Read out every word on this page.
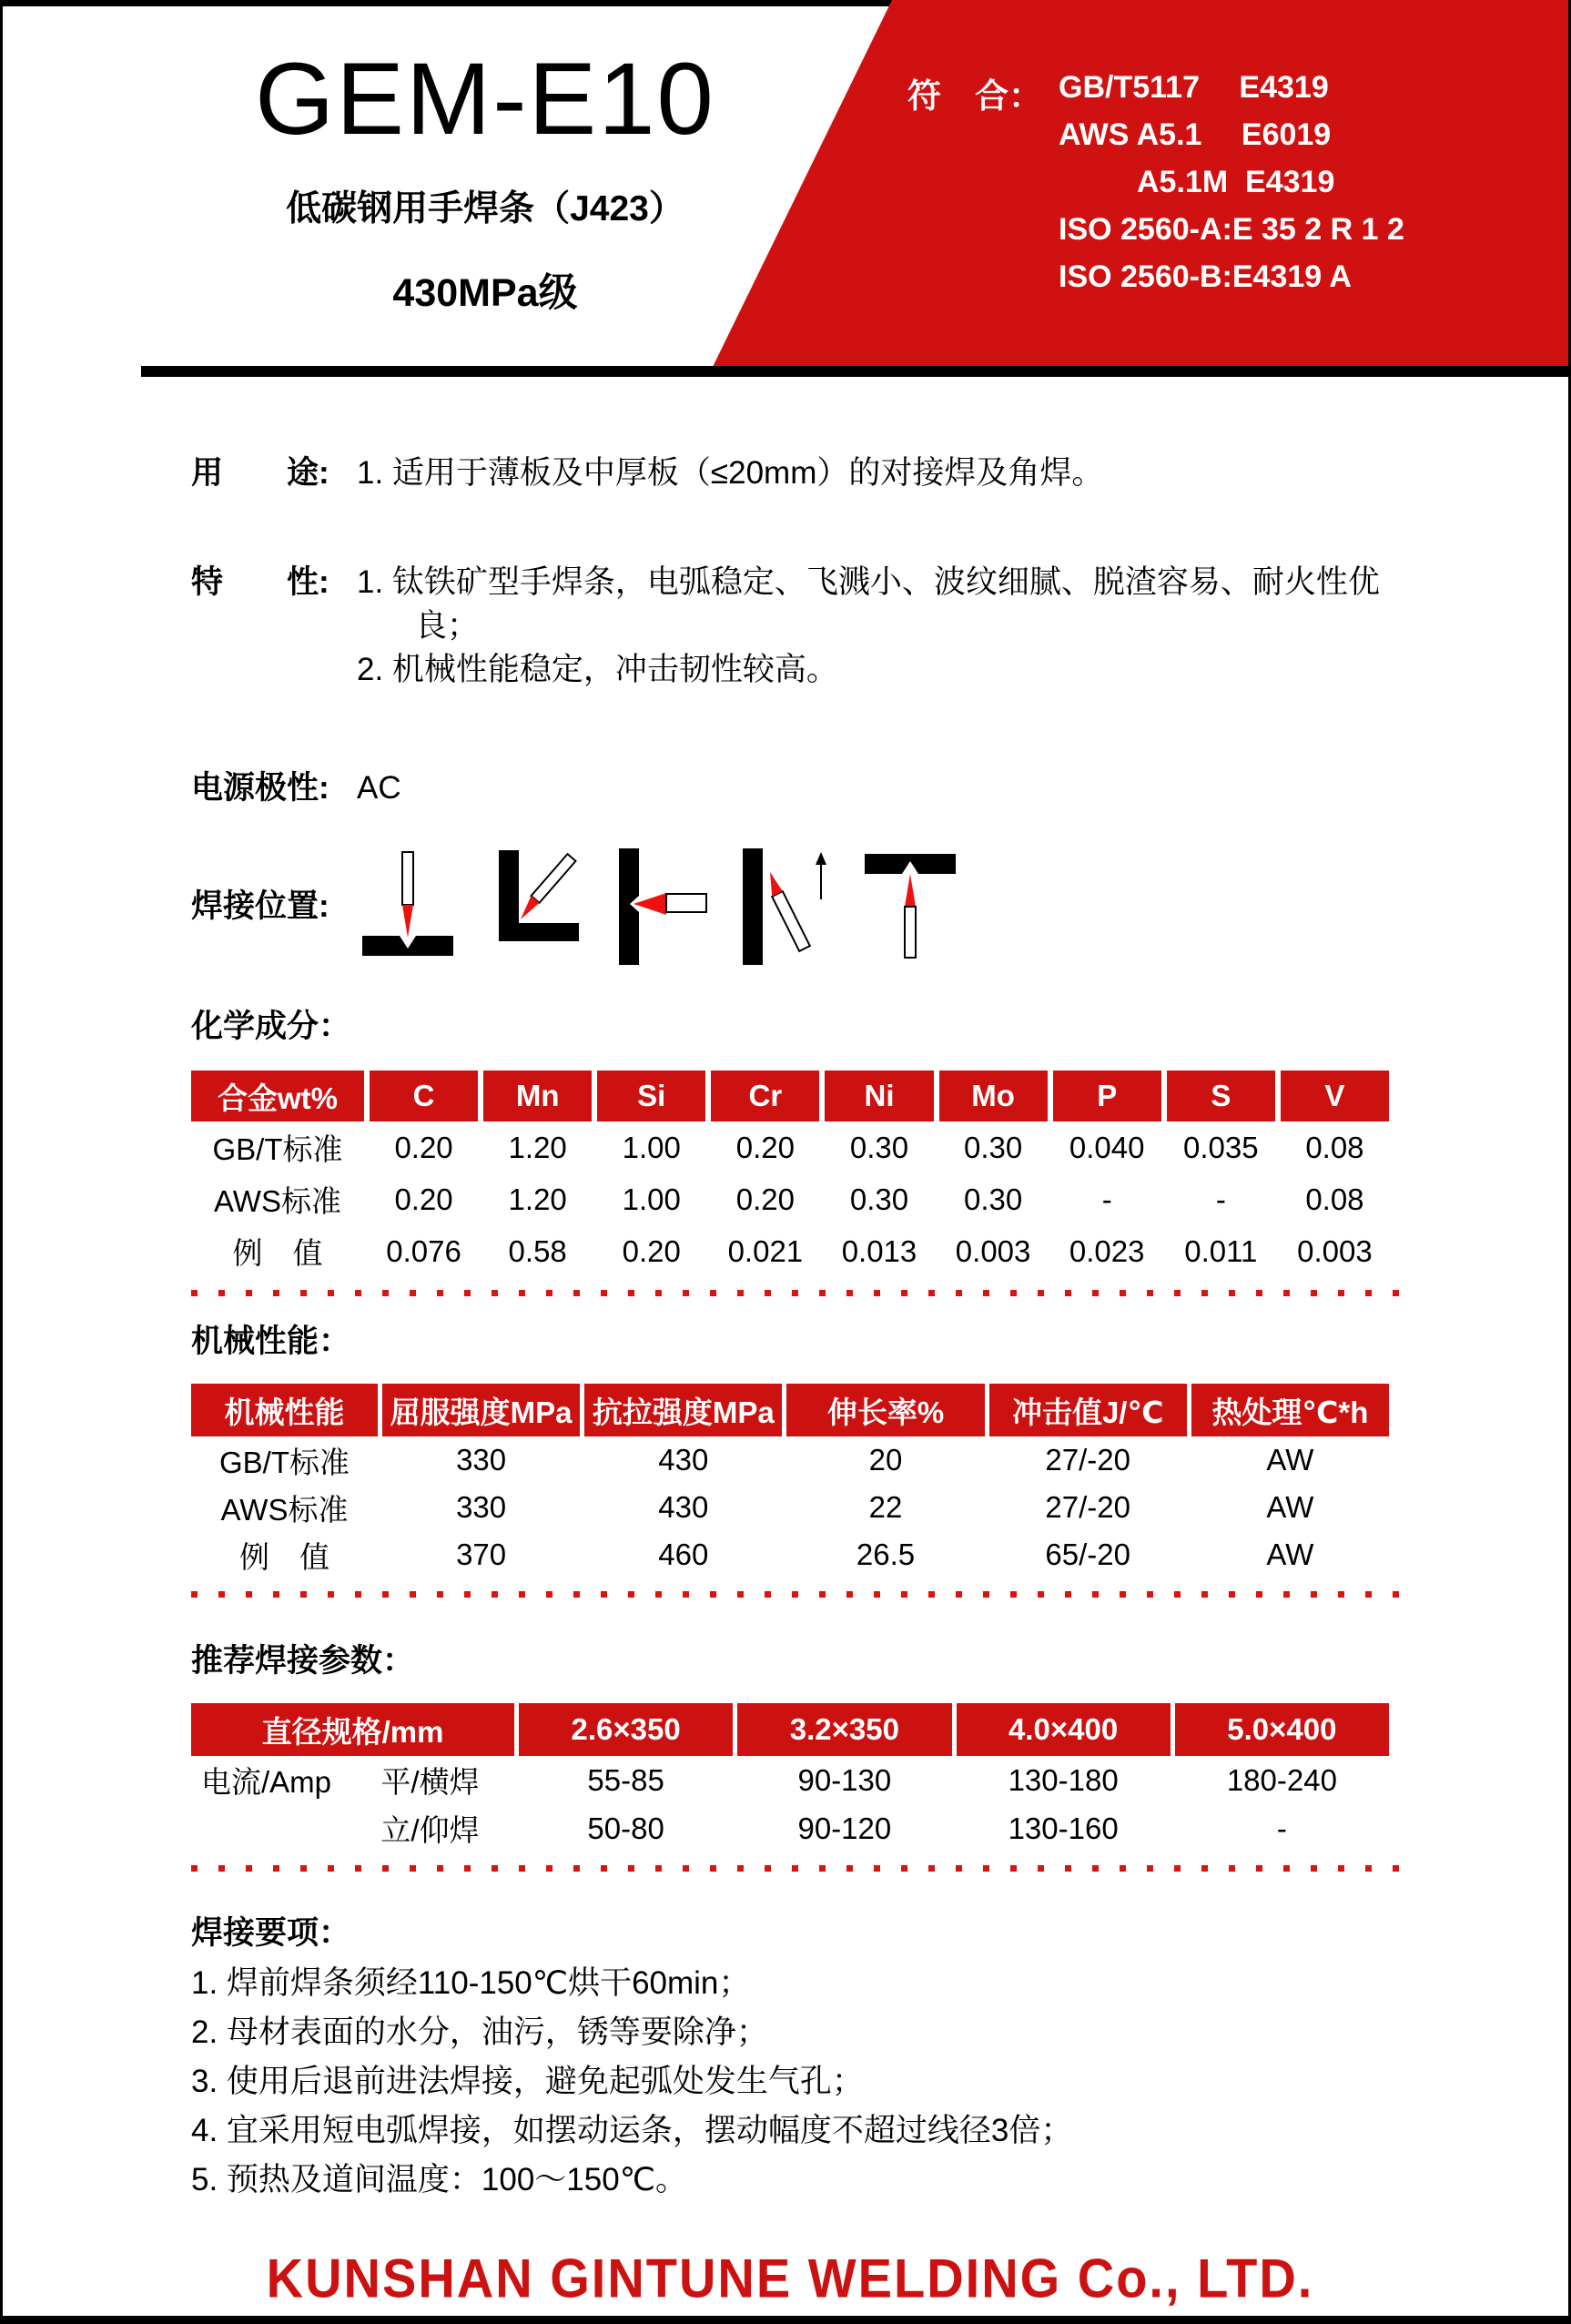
GEM-E10
低碳钢用手焊条（J423）
430MPa级
符　合： GB/T5117　 E4319
AWS A5.1　 E6019
A5.1M  E4319
ISO 2560-A:E 35 2 R 1 2
ISO 2560-B:E4319 A
用　　途: 1. 适用于薄板及中厚板（≤20mm）的对接焊及角焊。
特　　性: 1. 钛铁矿型手焊条，电弧稳定、飞溅小、波纹细腻、脱渣容易、耐火性优良；
2. 机械性能稳定，冲击韧性较高。
电源极性: AC
焊接位置:
化学成分：
合金wt%	C	Mn	Si	Cr	Ni	Mo	P	S	V
GB/T标准	0.20	1.20	1.00	0.20	0.30	0.30	0.040	0.035	0.08
AWS标准	0.20	1.20	1.00	0.20	0.30	0.30	-	-	0.08
例　值	0.076	0.58	0.20	0.021	0.013	0.003	0.023	0.011	0.003
机械性能：
机械性能	屈服强度MPa 抗拉强度MPa	伸长率%	冲击值J/℃	热处理℃*h
GB/T标准	330	430	20	27/-20	AW
AWS标准	330	430	22	27/-20	AW
例　值	370	460	26.5	65/-20	AW
推荐焊接参数：
直径规格/mm	2.6×350	3.2×350	4.0×400	5.0×400
电流/Amp	平/横焊	55-85	90-130	130-180	180-240
立/仰焊	50-80	90-120	130-160	-
焊接要项：
1. 焊前焊条须经110-150℃烘干60min；
2. 母材表面的水分，油污，锈等要除净；
3. 使用后退前进法焊接，避免起弧处发生气孔；
4. 宜采用短电弧焊接，如摆动运条，摆动幅度不超过线径3倍；
5. 预热及道间温度：100～150℃。
KUNSHAN GINTUNE WELDING Co., LTD.
